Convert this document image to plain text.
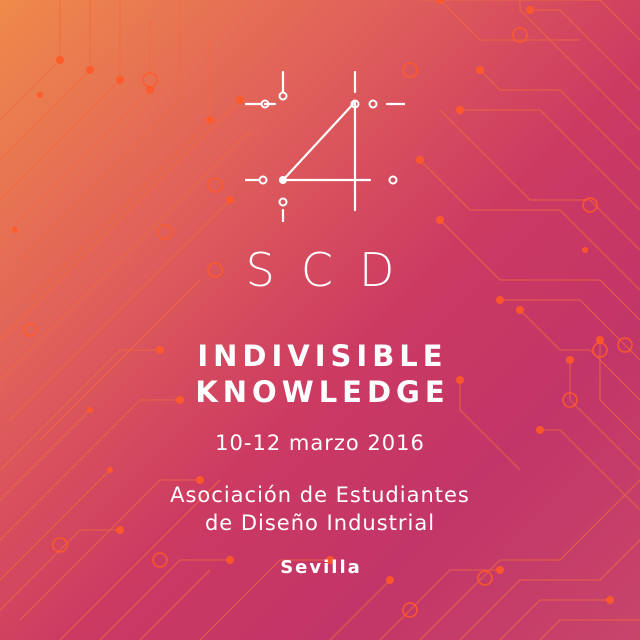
SCD
INDIVISIBLE
KNOWLEDGE
10-12 marzo 2016
Asociación de Estudiantes
de Diseño Industrial
Sevilla
